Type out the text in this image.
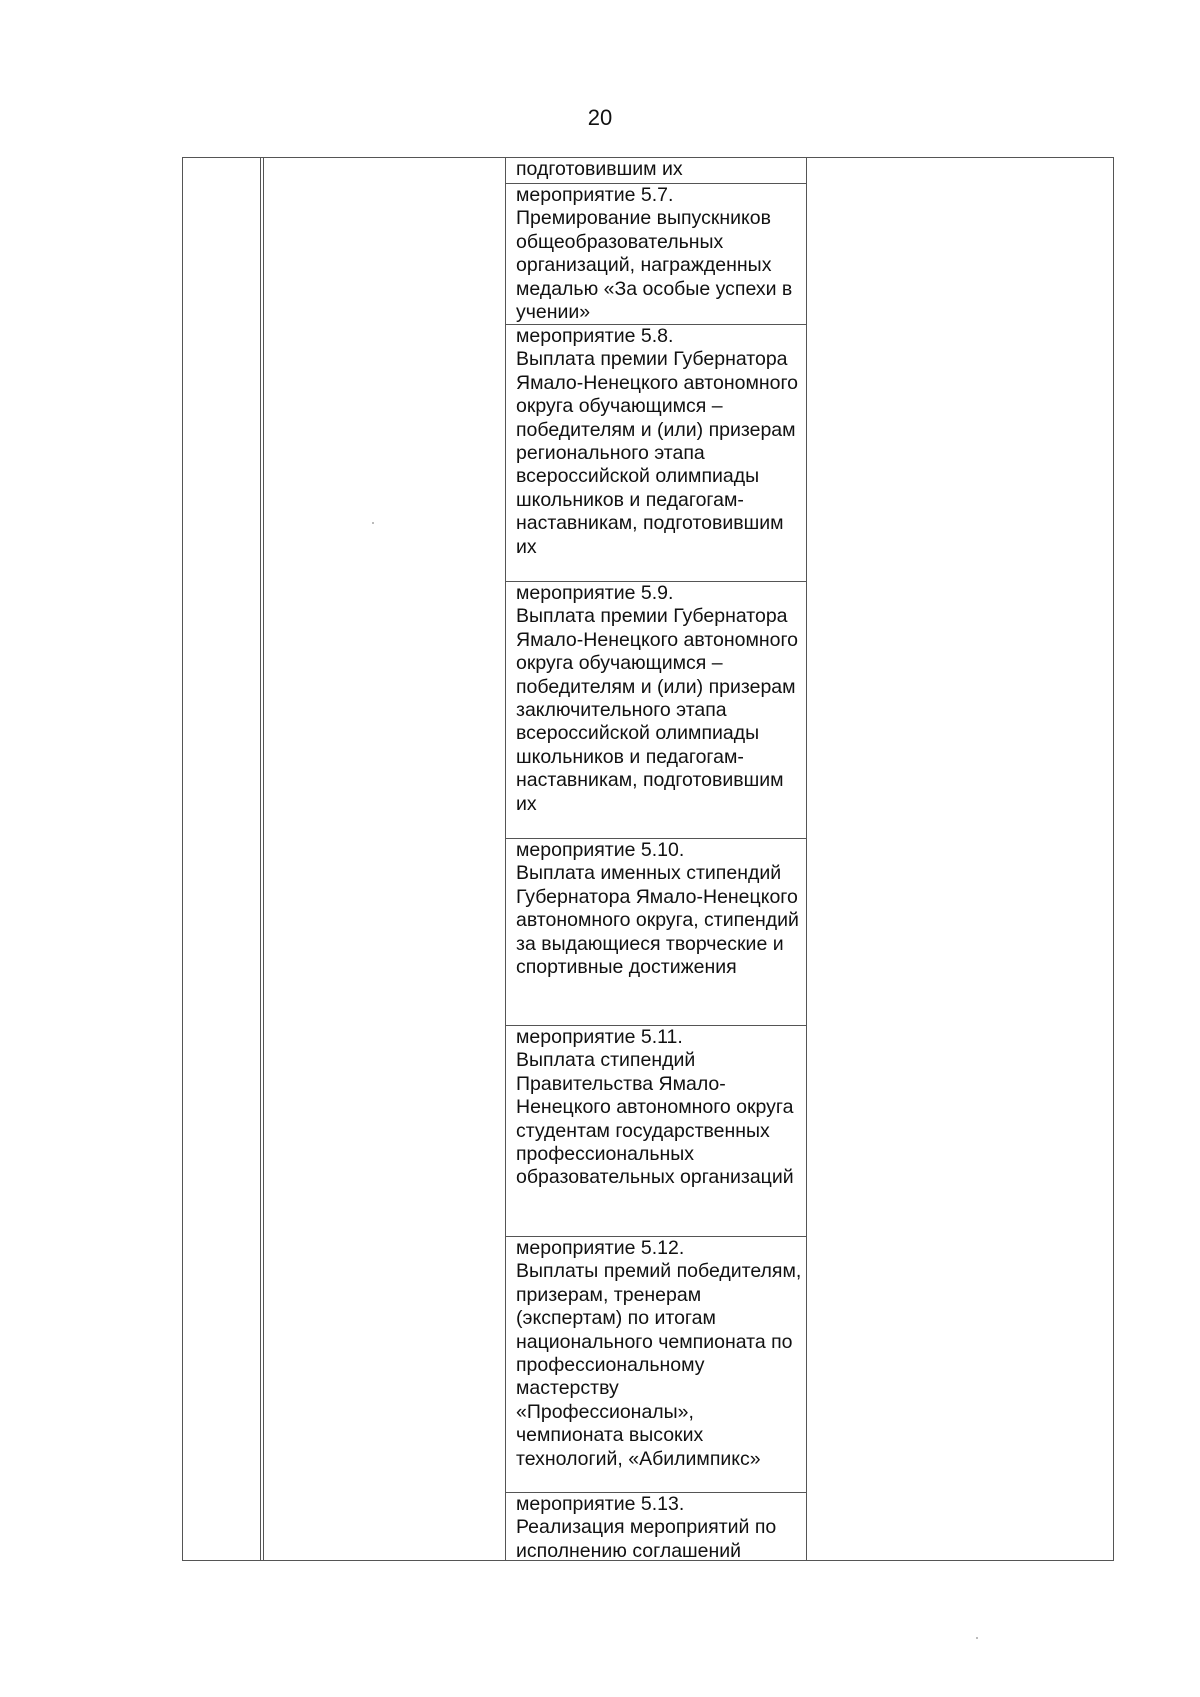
20

подготовившим их

мероприятие 5.7.
Премирование выпускников общеобразовательных организаций, награжденных медалью «За особые успехи в учении»

мероприятие 5.8.
Выплата премии Губернатора Ямало-Ненецкого автономного округа обучающимся – победителям и (или) призерам регионального этапа всероссийской олимпиады школьников и педагогам-наставникам, подготовившим их

мероприятие 5.9.
Выплата премии Губернатора Ямало-Ненецкого автономного округа обучающимся – победителям и (или) призерам заключительного этапа всероссийской олимпиады школьников и педагогам-наставникам, подготовившим их

мероприятие 5.10.
Выплата именных стипендий Губернатора Ямало-Ненецкого автономного округа, стипендий за выдающиеся творческие и спортивные достижения

мероприятие 5.11.
Выплата стипендий Правительства Ямало-Ненецкого автономного округа студентам государственных профессиональных образовательных организаций

мероприятие 5.12.
Выплаты премий победителям, призерам, тренерам (экспертам) по итогам национального чемпионата по профессиональному мастерству «Профессионалы», чемпионата высоких технологий, «Абилимпикс»

мероприятие 5.13.
Реализация мероприятий по исполнению соглашений
